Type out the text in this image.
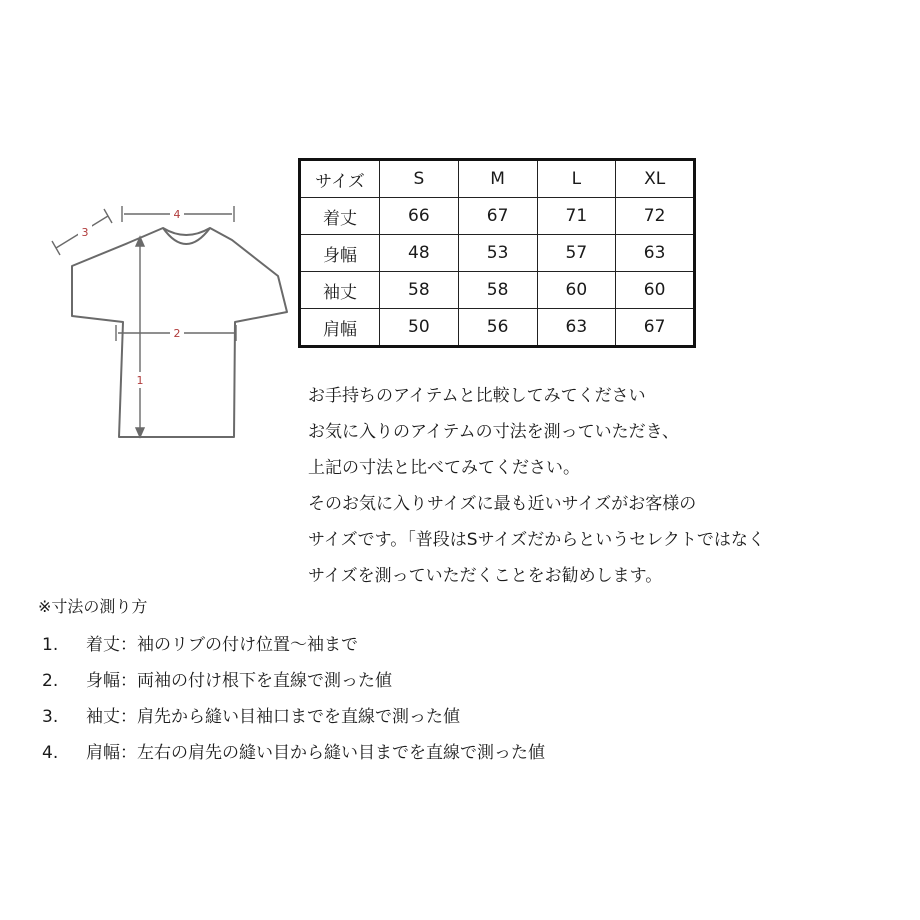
4
2
1
3
サイズ	S	M	L	XL
着丈	66	67	71	72
身幅	48	53	57	63
袖丈	58	58	60	60
肩幅	50	56	63	67
お手持ちのアイテムと比較してみてください
お気に入りのアイテムの寸法を測っていただき、
上記の寸法と比べてみてください。
そのお気に入りサイズに最も近いサイズがお客様の
サイズです。「普段はSサイズだからというセレクトではなく
サイズを測っていただくことをお勧めします。
※寸法の測り方
1. 着丈：袖のリブの付け位置〜袖まで
2. 身幅：両袖の付け根下を直線で測った値
3. 袖丈：肩先から縫い目袖口までを直線で測った値
4. 肩幅：左右の肩先の縫い目から縫い目までを直線で測った値
